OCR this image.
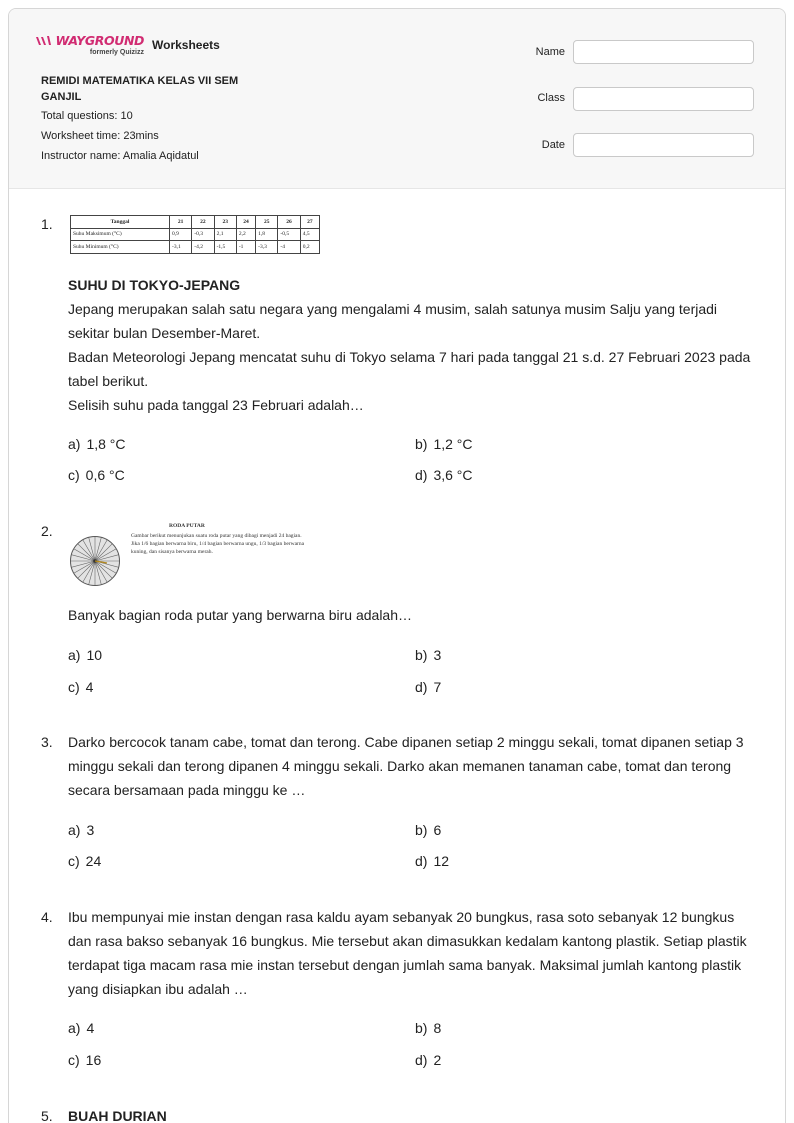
WAYGROUND
formerly Quizizz
Worksheets
REMIDI MATEMATIKA KELAS VII SEM GANJIL
Total questions: 10
Worksheet time: 23mins
Instructor name: Amalia Aqidatul
Name
Class
Date
1.	Tanggal	21	22	23	24	25	26	27
Suhu Maksimum (°C)	0,9	-0,3	2,1	2,2	1,8	-0,5	4,5
Suhu Minimum (°C)	-3,1	-4,2	-1,5	-1	-3,3	-4	0,2

SUHU DI TOKYO-JEPANG

Jepang merupakan salah satu negara yang mengalami 4 musim, salah satunya musim Salju yang terjadi sekitar bulan Desember-Maret.

Badan Meteorologi Jepang mencatat suhu di Tokyo selama 7 hari pada tanggal 21 s.d. 27 Februari 2023 pada tabel berikut.

Selisih suhu pada tanggal 23 Februari adalah…

a) 1,8 °C	b) 1,2 °C
c) 0,6 °C	d) 3,6 °C
2.	RODA PUTAR
Gambar berikut menunjukan suatu roda putar yang dibagi menjadi 24 bagian.
Jika 1/6 bagian berwarna biru, 1/4 bagian berwarna ungu, 1/3 bagian berwarna
kuning, dan sisanya berwarna merah.

Banyak bagian roda putar yang berwarna biru adalah…

a) 10	b) 3
c) 4	d) 7
3. Darko bercocok tanam cabe, tomat dan terong. Cabe dipanen setiap 2 minggu sekali, tomat dipanen setiap 3 minggu sekali dan terong dipanen 4 minggu sekali. Darko akan memanen tanaman cabe, tomat dan terong secara bersamaan pada minggu ke …

a) 3	b) 6
c) 24	d) 12
4. Ibu mempunyai mie instan dengan rasa kaldu ayam sebanyak 20 bungkus, rasa soto sebanyak 12 bungkus dan rasa bakso sebanyak 16 bungkus. Mie tersebut akan dimasukkan kedalam kantong plastik. Setiap plastik terdapat tiga macam rasa mie instan tersebut dengan jumlah sama banyak. Maksimal jumlah kantong plastik yang disiapkan ibu adalah …

a) 4	b) 8
c) 16	d) 2
5. BUAH DURIAN
